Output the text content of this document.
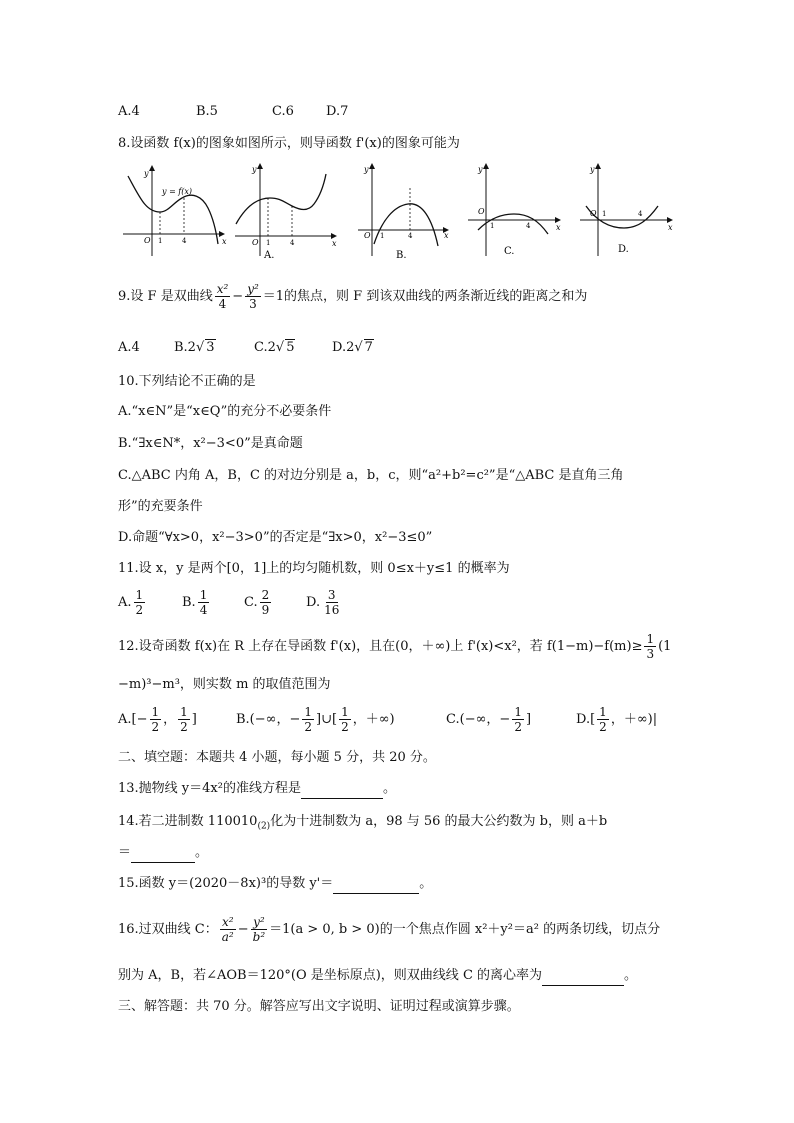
A.4	B.5	C.6 D.7
8.设函数 f(x)的图象如图所示，则导函数 f'(x)的图象可能为
y
x
O 1	4
y = f(x)
y
x
O 1	4
A.
y
x
O 1	4
B.
y
x
O
1	4
C.
y
x
O 1	4
D.
9.设 F 是双曲线 $\frac{\text{x²}}{4} - \frac{\text{y²}}{3} =1$的焦点，则 F 到该双曲线的两条渐近线的距离之和为
A.4	B.2√ 3	C.2√ 5	D.2√ 7
10.下列结论不正确的是
A.“x∈N”是“x∈Q”的充分不必要条件
B.“∃x∈N*，x²−3<0”是真命题
C.△ABC 内角 A，B，C 的对边分别是 a，b，c，则“a²+b²=c²”是“△ABC 是直角三角
形”的充要条件
D.命题“∀x>0，x²−3>0”的否定是“∃x>0，x²−3≤0”
11.设 x，y 是两个[0，1]上的均匀随机数，则 0≤x＋y≤1 的概率为
A. $\frac{1}{2}$	B. $\frac{1}{4}$	C. $\frac{2}{9}$	D. $\frac{3}{16}$
12.设奇函数 f(x)在 R 上存在导函数 f'(x)，且在(0，＋∞)上 f'(x)<x²，若 $f(1-m)-f(m)\ge \frac{1}{3} (1$
−m)³−m³，则实数 m 的取值范围为
$A.[- \frac{1}{2}$ ， $\frac{1}{2}$ ]	B.(−∞，− $\frac{1}{2}$ ]∪[ $\frac{1}{2}$ ，＋∞)	C.(−∞，− $\frac{1}{2}$ ]	$D.[ \frac{1}{2}$ ，＋∞)|
二、填空题：本题共 4 小题，每小题 5 分，共 20 分。
13.抛物线 y＝4x²的准线方程是	。
14.若二进制数 $110010_{(2)}$化为十进制数为 a，98 与 56 的最大公约数为 b，则 a＋b
＝	。
15.函数 y＝(2020－8x)³的导数 y'＝	。
16.过双曲线 C： $\frac{\text{x²}}{\text{a²}} - \frac{\text{y²}}{\text{b²}} =1(a > 0$, b > 0)的一个焦点作圆 x²＋y²＝a² 的两条切线，切点分
别为 A，B，若∠AOB＝120°(O 是坐标原点)，则双曲线线 C 的离心率为	。
三、解答题：共 70 分。解答应写出文字说明、证明过程或演算步骤。
